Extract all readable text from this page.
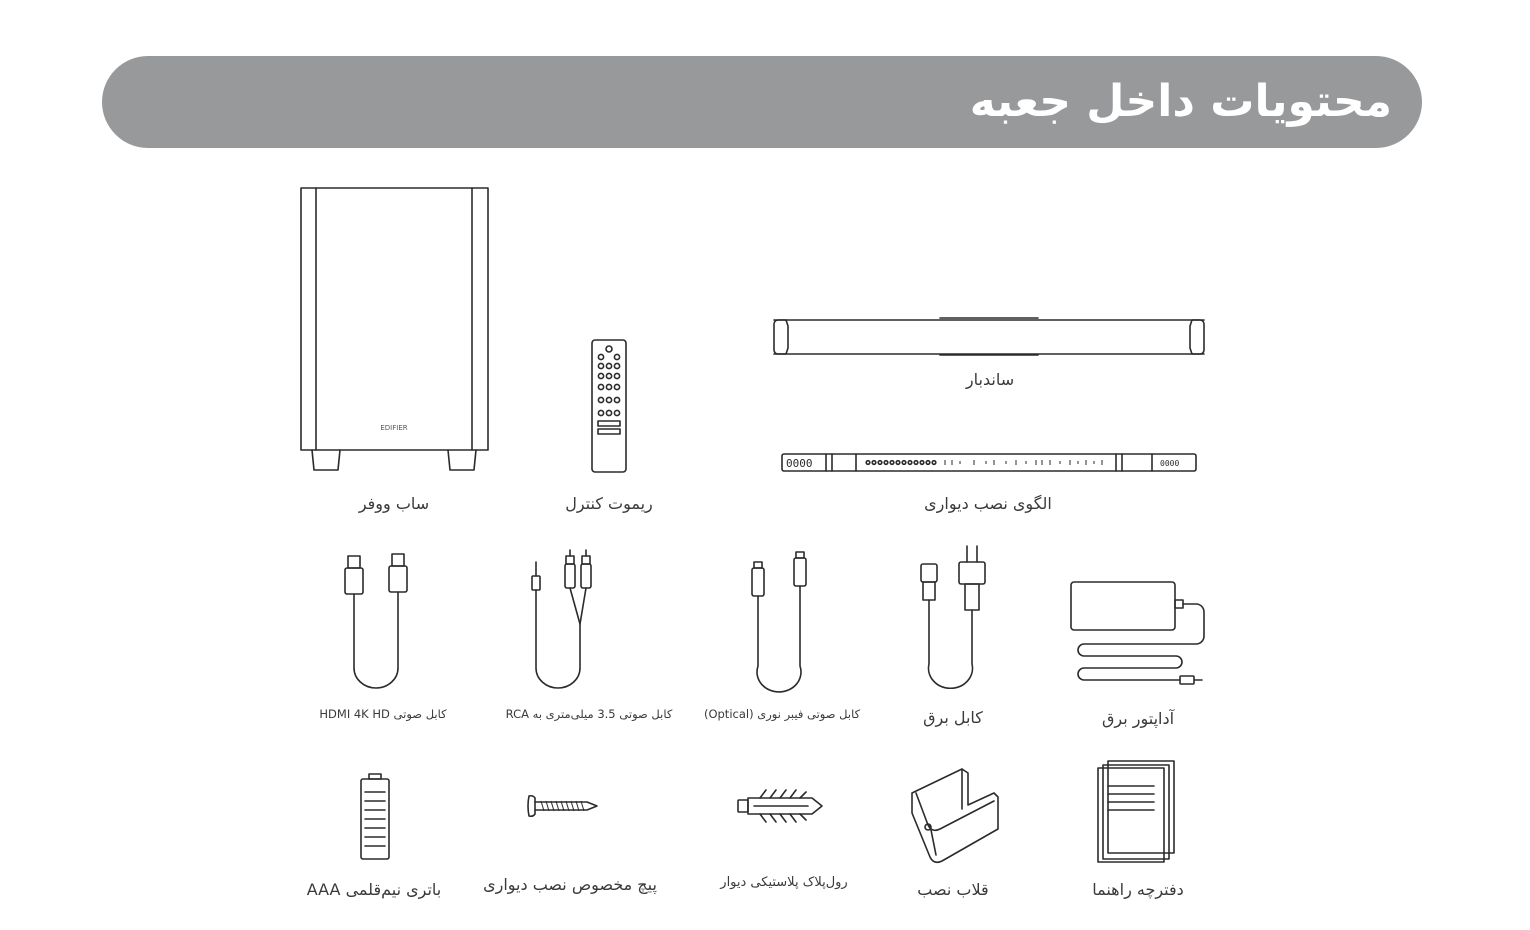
محتویات داخل جعبه
EDIFIER
ساب ووفر	ریموت کنترل
ساندبار
0000	0000
الگوی نصب دیواری
کابل صوتی HDMI 4K HD	کابل صوتی 3.5 میلی‌متری به RCA	کابل صوتی فیبر نوری (Optical)	کابل برق	آداپتور برق
باتری نیم‌قلمی AAA	پیچ مخصوص نصب دیواری	رول‌پلاک پلاستیکی دیوار	قلاب نصب	دفترچه راهنما
